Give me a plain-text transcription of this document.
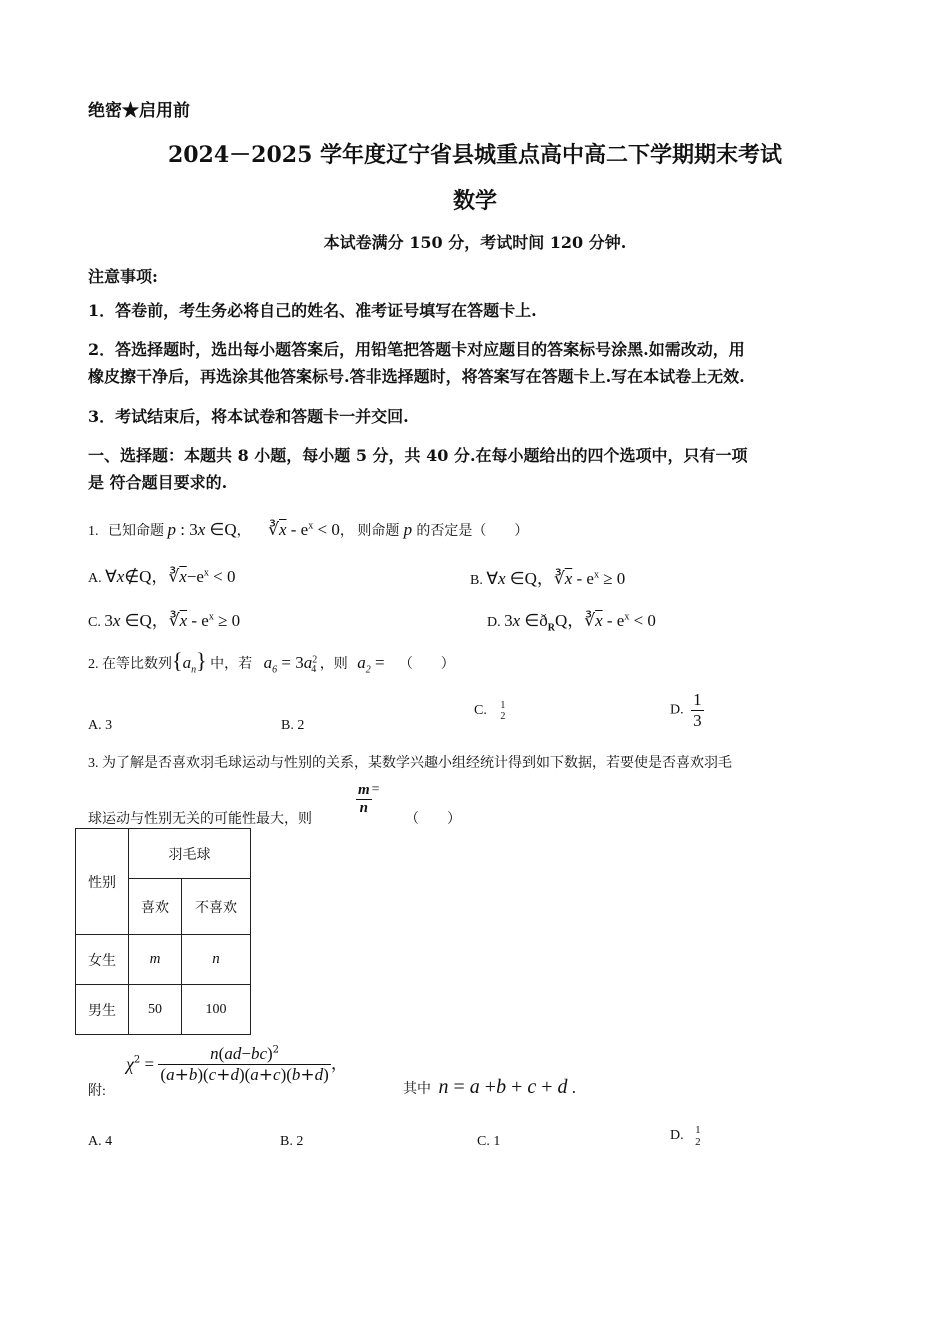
绝密★启用前
2024－2025 学年度辽宁省县城重点高中高二下学期期末考试
数学
本试卷满分 150 分，考试时间 120 分钟.
注意事项:
1．答卷前，考生务必将自己的姓名、准考证号填写在答题卡上.
2．答选择题时，选出每小题答案后，用铅笔把答题卡对应题目的答案标号涂黑.如需改动，用
橡皮擦干净后，再选涂其他答案标号.答非选择题时，将答案写在答题卡上.写在本试卷上无效.
3．考试结束后，将本试卷和答题卡一并交回.
一、选择题：本题共 8 小题，每小题 5 分，共 40 分.在每小题给出的四个选项中，只有一项
是 符合题目要求的.
1. 已知命题 p : 3x ∈Q， $∛\overline{x} - e^x < 0$， 则命题 p 的否定是（　　）
A. ∀x∉Q，$∛\overline{x}-e^x < 0$	B. ∀x ∈Q，$∛\overline{x} - e^x \ge 0$
C. 3x ∈Q，$∛\overline{x} - e^x \ge 0$	D. 3x $\in ð_RQ$，$∛\overline{x} - e^x < 0$
2. 在等比数列$\{a_n\}$ 中，若 $a_6 = 3a^2_4$ ，则 $a_2$ = （　　）
A. 3	B. 2
C. 1
2	D. $\frac{1}{3}$
3. 为了解是否喜欢羽毛球运动与性别的关系，某数学兴趣小组经统计得到如下数据，若要使是否喜欢羽毛
球运动与性别无关的可能性最大，则
$\frac{m}{n}$ =
（　　）
性别	羽毛球	
	喜欢	不喜欢
女生	m	n
男生	50	100
附:
$\chi^2 = \frac{n(ad-bc)^2}{(a+b)(c+d)(a+c)(b+d)}$ ，
其中 n = a +b + c + d .
A. 4	B. 2	C. 1	D. 1
2
